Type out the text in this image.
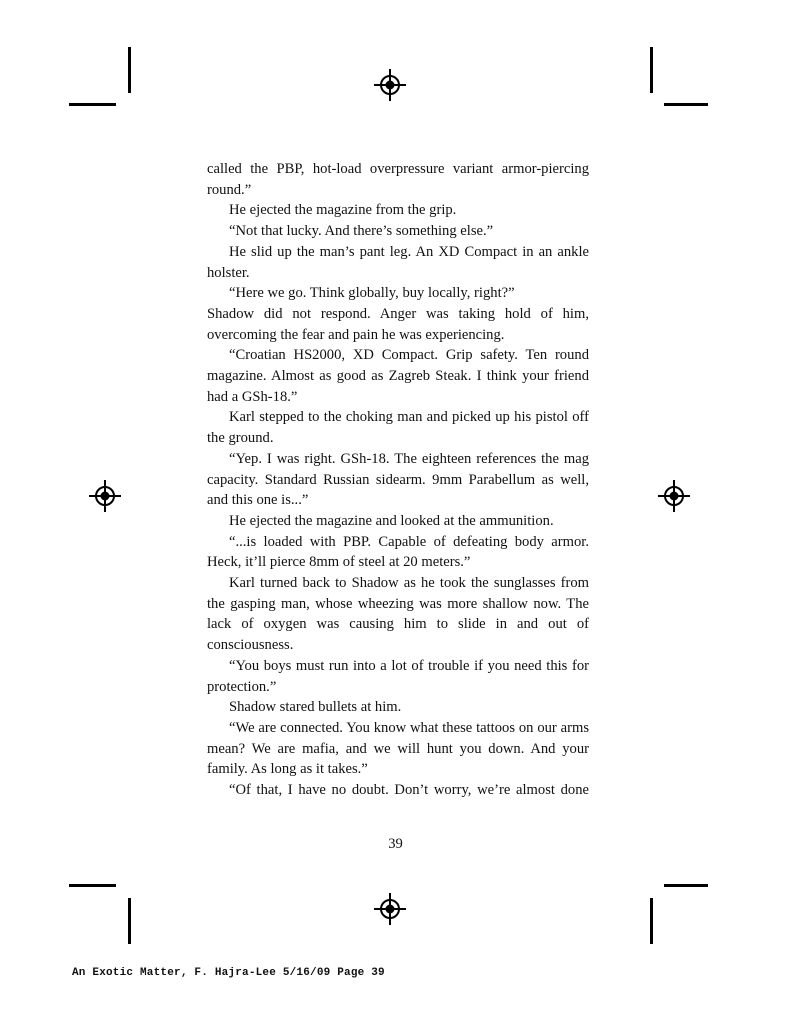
called the PBP, hot-load overpressure variant armor-piercing round.”

He ejected the magazine from the grip.

“Not that lucky. And there’s something else.”

He slid up the man’s pant leg. An XD Compact in an ankle holster.

“Here we go. Think globally, buy locally, right?”

Shadow did not respond. Anger was taking hold of him, overcoming the fear and pain he was experiencing.

“Croatian HS2000, XD Compact. Grip safety. Ten round magazine. Almost as good as Zagreb Steak. I think your friend had a GSh-18.”

Karl stepped to the choking man and picked up his pistol off the ground.

“Yep. I was right. GSh-18. The eighteen references the mag capacity. Standard Russian sidearm. 9mm Parabellum as well, and this one is...”

He ejected the magazine and looked at the ammunition.

“...is loaded with PBP. Capable of defeating body armor. Heck, it’ll pierce 8mm of steel at 20 meters.”

Karl turned back to Shadow as he took the sunglasses from the gasping man, whose wheezing was more shallow now. The lack of oxygen was causing him to slide in and out of consciousness.

“You boys must run into a lot of trouble if you need this for protection.”

Shadow stared bullets at him.

“We are connected. You know what these tattoos on our arms mean? We are mafia, and we will hunt you down. And your family. As long as it takes.”

“Of that, I have no doubt. Don’t worry, we’re almost done

39
An Exotic Matter, F. Hajra-Lee 5/16/09 Page 39
